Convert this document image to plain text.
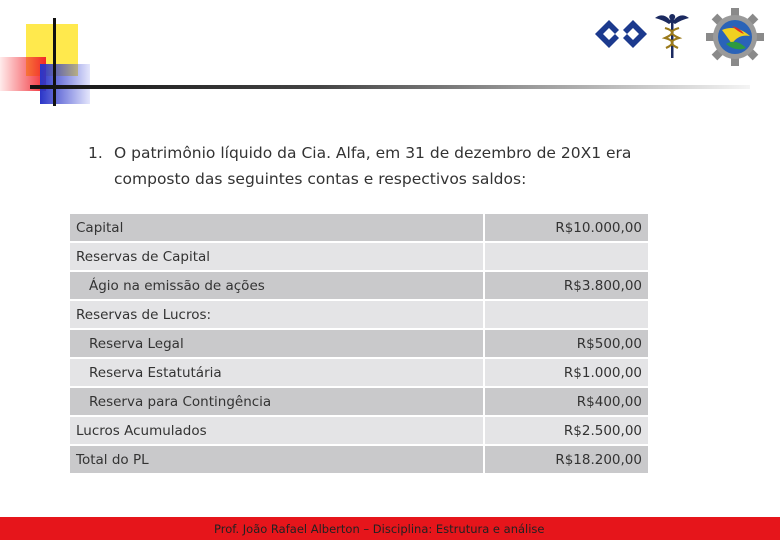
1. O patrimônio líquido da Cia. Alfa, em 31 de dezembro de 20X1 era composto das seguintes contas e respectivos saldos:
Capital	R$10.000,00
Reservas de Capital	
Ágio na emissão de ações	R$3.800,00
Reservas de Lucros:	
Reserva Legal	R$500,00
Reserva Estatutária	R$1.000,00
Reserva para Contingência	R$400,00
Lucros Acumulados	R$2.500,00
Total do PL	R$18.200,00
Prof. João Rafael Alberton – Disciplina: Estrutura e análise
